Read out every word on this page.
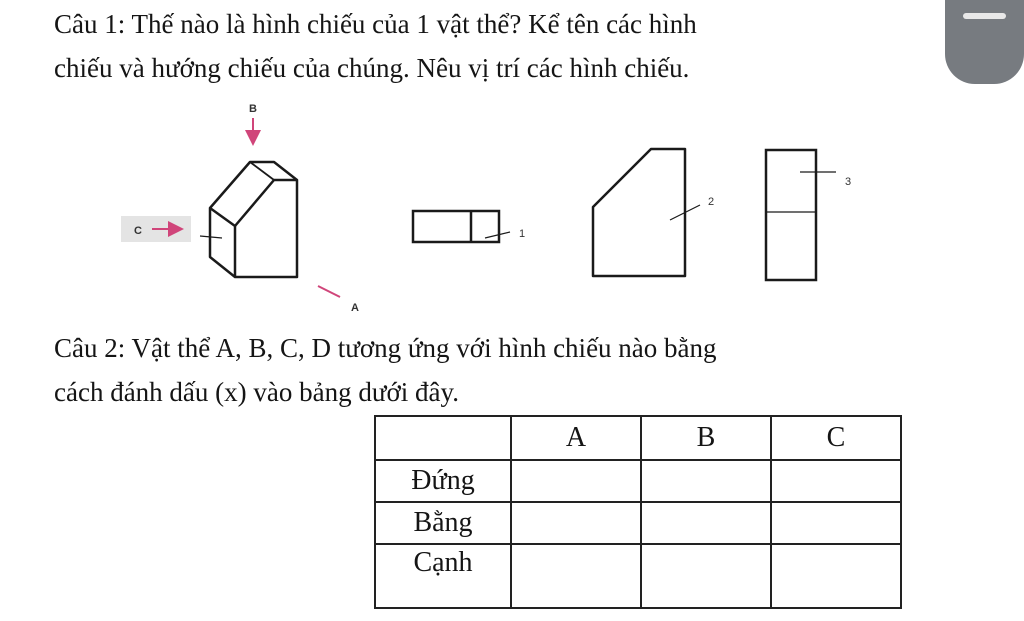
Câu 1: Thế nào là hình chiếu của 1 vật thể? Kể tên các hình
chiếu và hướng chiếu của chúng. Nêu vị trí các hình chiếu.

B
C
A
1
2
3

Câu 2: Vật thể A, B, C, D tương ứng với hình chiếu nào bằng
cách đánh dấu (x) vào bảng dưới đây.

	A	B	C
Đứng			
Bằng			
Cạnh			
